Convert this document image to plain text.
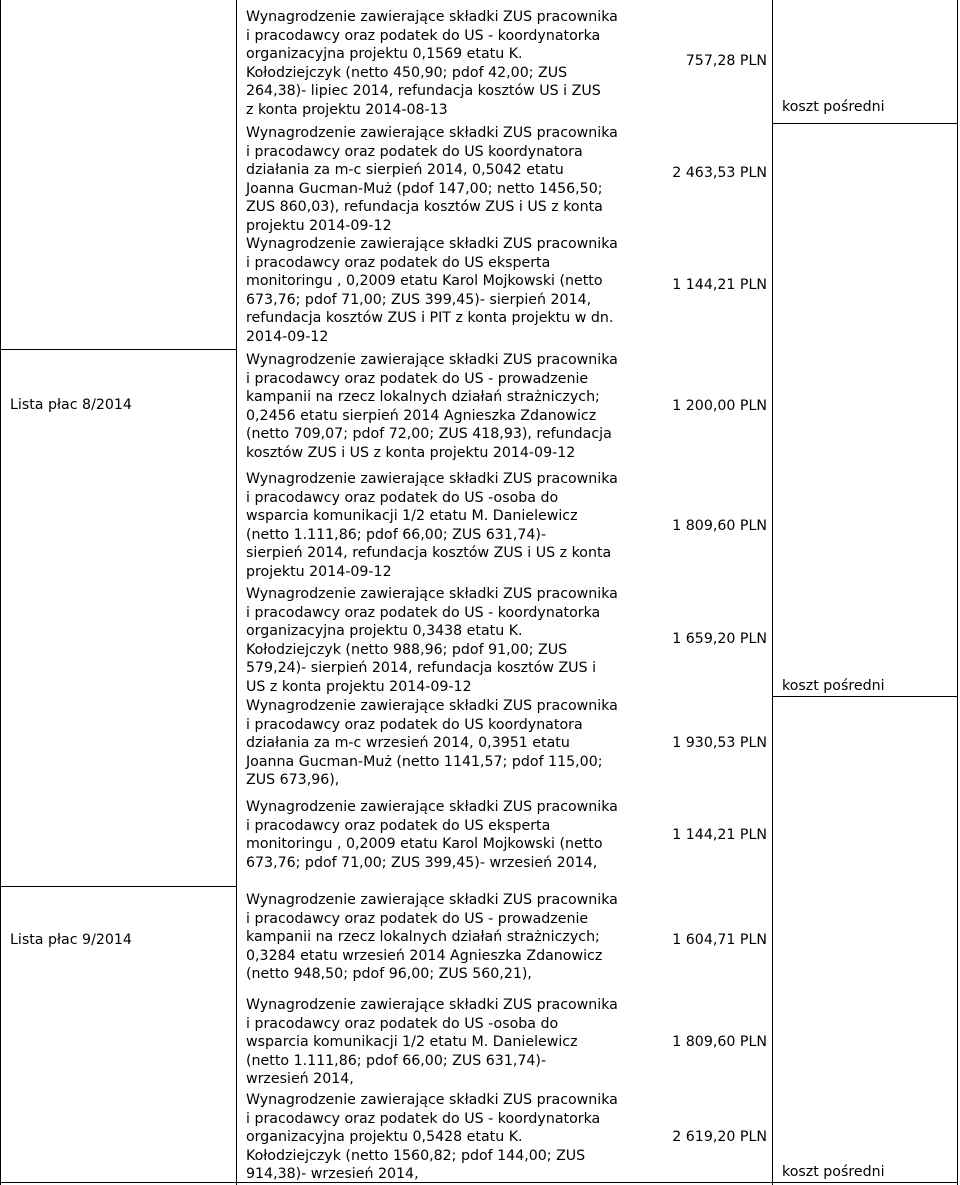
Lista płac 8/2014
Lista płac 9/2014
koszt pośredni
koszt pośredni
koszt pośredni
Wynagrodzenie zawierające składki ZUS pracownika
i pracodawcy oraz podatek do US - koordynatorka
organizacyjna projektu 0,1569 etatu K.
Kołodziejczyk (netto 450,90; pdof 42,00; ZUS
264,38)- lipiec 2014, refundacja kosztów US i ZUS
z konta projektu 2014-08-13
757,28 PLN
Wynagrodzenie zawierające składki ZUS pracownika
i pracodawcy oraz podatek do US koordynatora
działania za m-c sierpień 2014, 0,5042 etatu
Joanna Gucman-Muż (pdof 147,00; netto 1456,50;
ZUS 860,03), refundacja kosztów ZUS i US z konta
projektu 2014-09-12
2 463,53 PLN
Wynagrodzenie zawierające składki ZUS pracownika
i pracodawcy oraz podatek do US eksperta
monitoringu , 0,2009 etatu Karol Mojkowski (netto
673,76; pdof 71,00; ZUS 399,45)- sierpień 2014,
refundacja kosztów ZUS i PIT z konta projektu w dn.
2014-09-12
1 144,21 PLN
Wynagrodzenie zawierające składki ZUS pracownika
i pracodawcy oraz podatek do US - prowadzenie
kampanii na rzecz lokalnych działań strażniczych;
0,2456 etatu sierpień 2014 Agnieszka Zdanowicz
(netto 709,07; pdof 72,00; ZUS 418,93), refundacja
kosztów ZUS i US z konta projektu 2014-09-12
1 200,00 PLN
Wynagrodzenie zawierające składki ZUS pracownika
i pracodawcy oraz podatek do US -osoba do
wsparcia komunikacji 1/2 etatu M. Danielewicz
(netto 1.111,86; pdof 66,00; ZUS 631,74)-
sierpień 2014, refundacja kosztów ZUS i US z konta
projektu 2014-09-12
1 809,60 PLN
Wynagrodzenie zawierające składki ZUS pracownika
i pracodawcy oraz podatek do US - koordynatorka
organizacyjna projektu 0,3438 etatu K.
Kołodziejczyk (netto 988,96; pdof 91,00; ZUS
579,24)- sierpień 2014, refundacja kosztów ZUS i
US z konta projektu 2014-09-12
1 659,20 PLN
Wynagrodzenie zawierające składki ZUS pracownika
i pracodawcy oraz podatek do US koordynatora
działania za m-c wrzesień 2014, 0,3951 etatu
Joanna Gucman-Muż (netto 1141,57; pdof 115,00;
ZUS 673,96),
1 930,53 PLN
Wynagrodzenie zawierające składki ZUS pracownika
i pracodawcy oraz podatek do US eksperta
monitoringu , 0,2009 etatu Karol Mojkowski (netto
673,76; pdof 71,00; ZUS 399,45)- wrzesień 2014,
1 144,21 PLN
Wynagrodzenie zawierające składki ZUS pracownika
i pracodawcy oraz podatek do US - prowadzenie
kampanii na rzecz lokalnych działań strażniczych;
0,3284 etatu wrzesień 2014 Agnieszka Zdanowicz
(netto 948,50; pdof 96,00; ZUS 560,21),
1 604,71 PLN
Wynagrodzenie zawierające składki ZUS pracownika
i pracodawcy oraz podatek do US -osoba do
wsparcia komunikacji 1/2 etatu M. Danielewicz
(netto 1.111,86; pdof 66,00; ZUS 631,74)-
wrzesień 2014,
1 809,60 PLN
Wynagrodzenie zawierające składki ZUS pracownika
i pracodawcy oraz podatek do US - koordynatorka
organizacyjna projektu 0,5428 etatu K.
Kołodziejczyk (netto 1560,82; pdof 144,00; ZUS
914,38)- wrzesień 2014,
2 619,20 PLN
